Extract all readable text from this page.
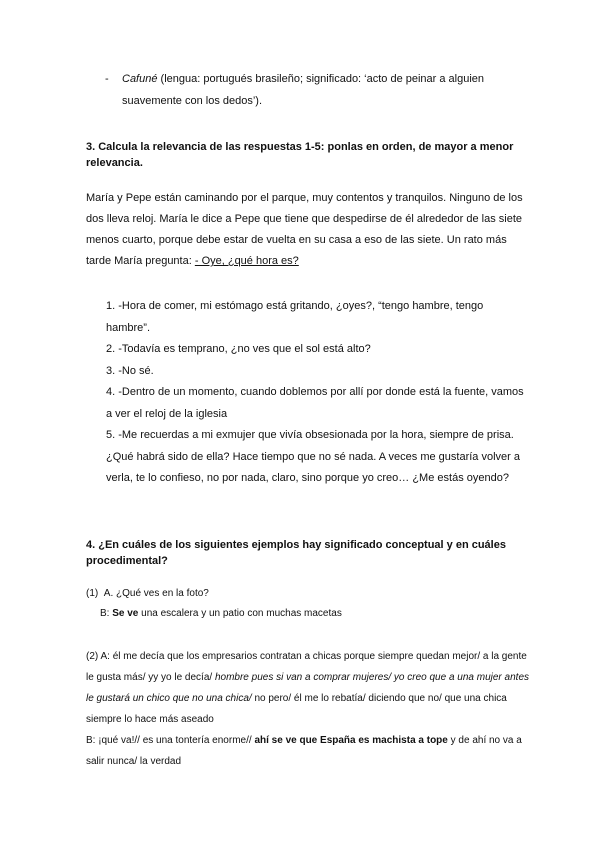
- Cafuné (lengua: portugués brasileño; significado: ‘acto de peinar a alguien
suavemente con los dedos’).
3. Calcula la relevancia de las respuestas 1-5: ponlas en orden, de mayor a menor relevancia.
María y Pepe están caminando por el parque, muy contentos y tranquilos. Ninguno de los dos lleva reloj. María le dice a Pepe que tiene que despedirse de él alrededor de las siete menos cuarto, porque debe estar de vuelta en su casa a eso de las siete. Un rato más tarde María pregunta: - Oye, ¿qué hora es?
1. -Hora de comer, mi estómago está gritando, ¿oyes?, “tengo hambre, tengo hambre”.
2. -Todavía es temprano, ¿no ves que el sol está alto?
3. -No sé.
4. -Dentro de un momento, cuando doblemos por allí por donde está la fuente, vamos a ver el reloj de la iglesia
5. -Me recuerdas a mi exmujer que vivía obsesionada por la hora, siempre de prisa. ¿Qué habrá sido de ella? Hace tiempo que no sé nada. A veces me gustaría volver a verla, te lo confieso, no por nada, claro, sino porque yo creo… ¿Me estás oyendo?
4. ¿En cuáles de los siguientes ejemplos hay significado conceptual y en cuáles procedimental?
(1) A. ¿Qué ves en la foto?
B: Se ve una escalera y un patio con muchas macetas
(2) A: él me decía que los empresarios contratan a chicas porque siempre quedan mejor/ a la gente le gusta más/ yy yo le decía/ hombre pues si van a comprar mujeres/ yo creo que a una mujer antes le gustará un chico que no una chica/ no pero/ él me lo rebatía/ diciendo que no/ que una chica siempre lo hace más aseado
B: ¡qué va!// es una tontería enorme// ahí se ve que España es machista a tope y de ahí no va a salir nunca/ la verdad
